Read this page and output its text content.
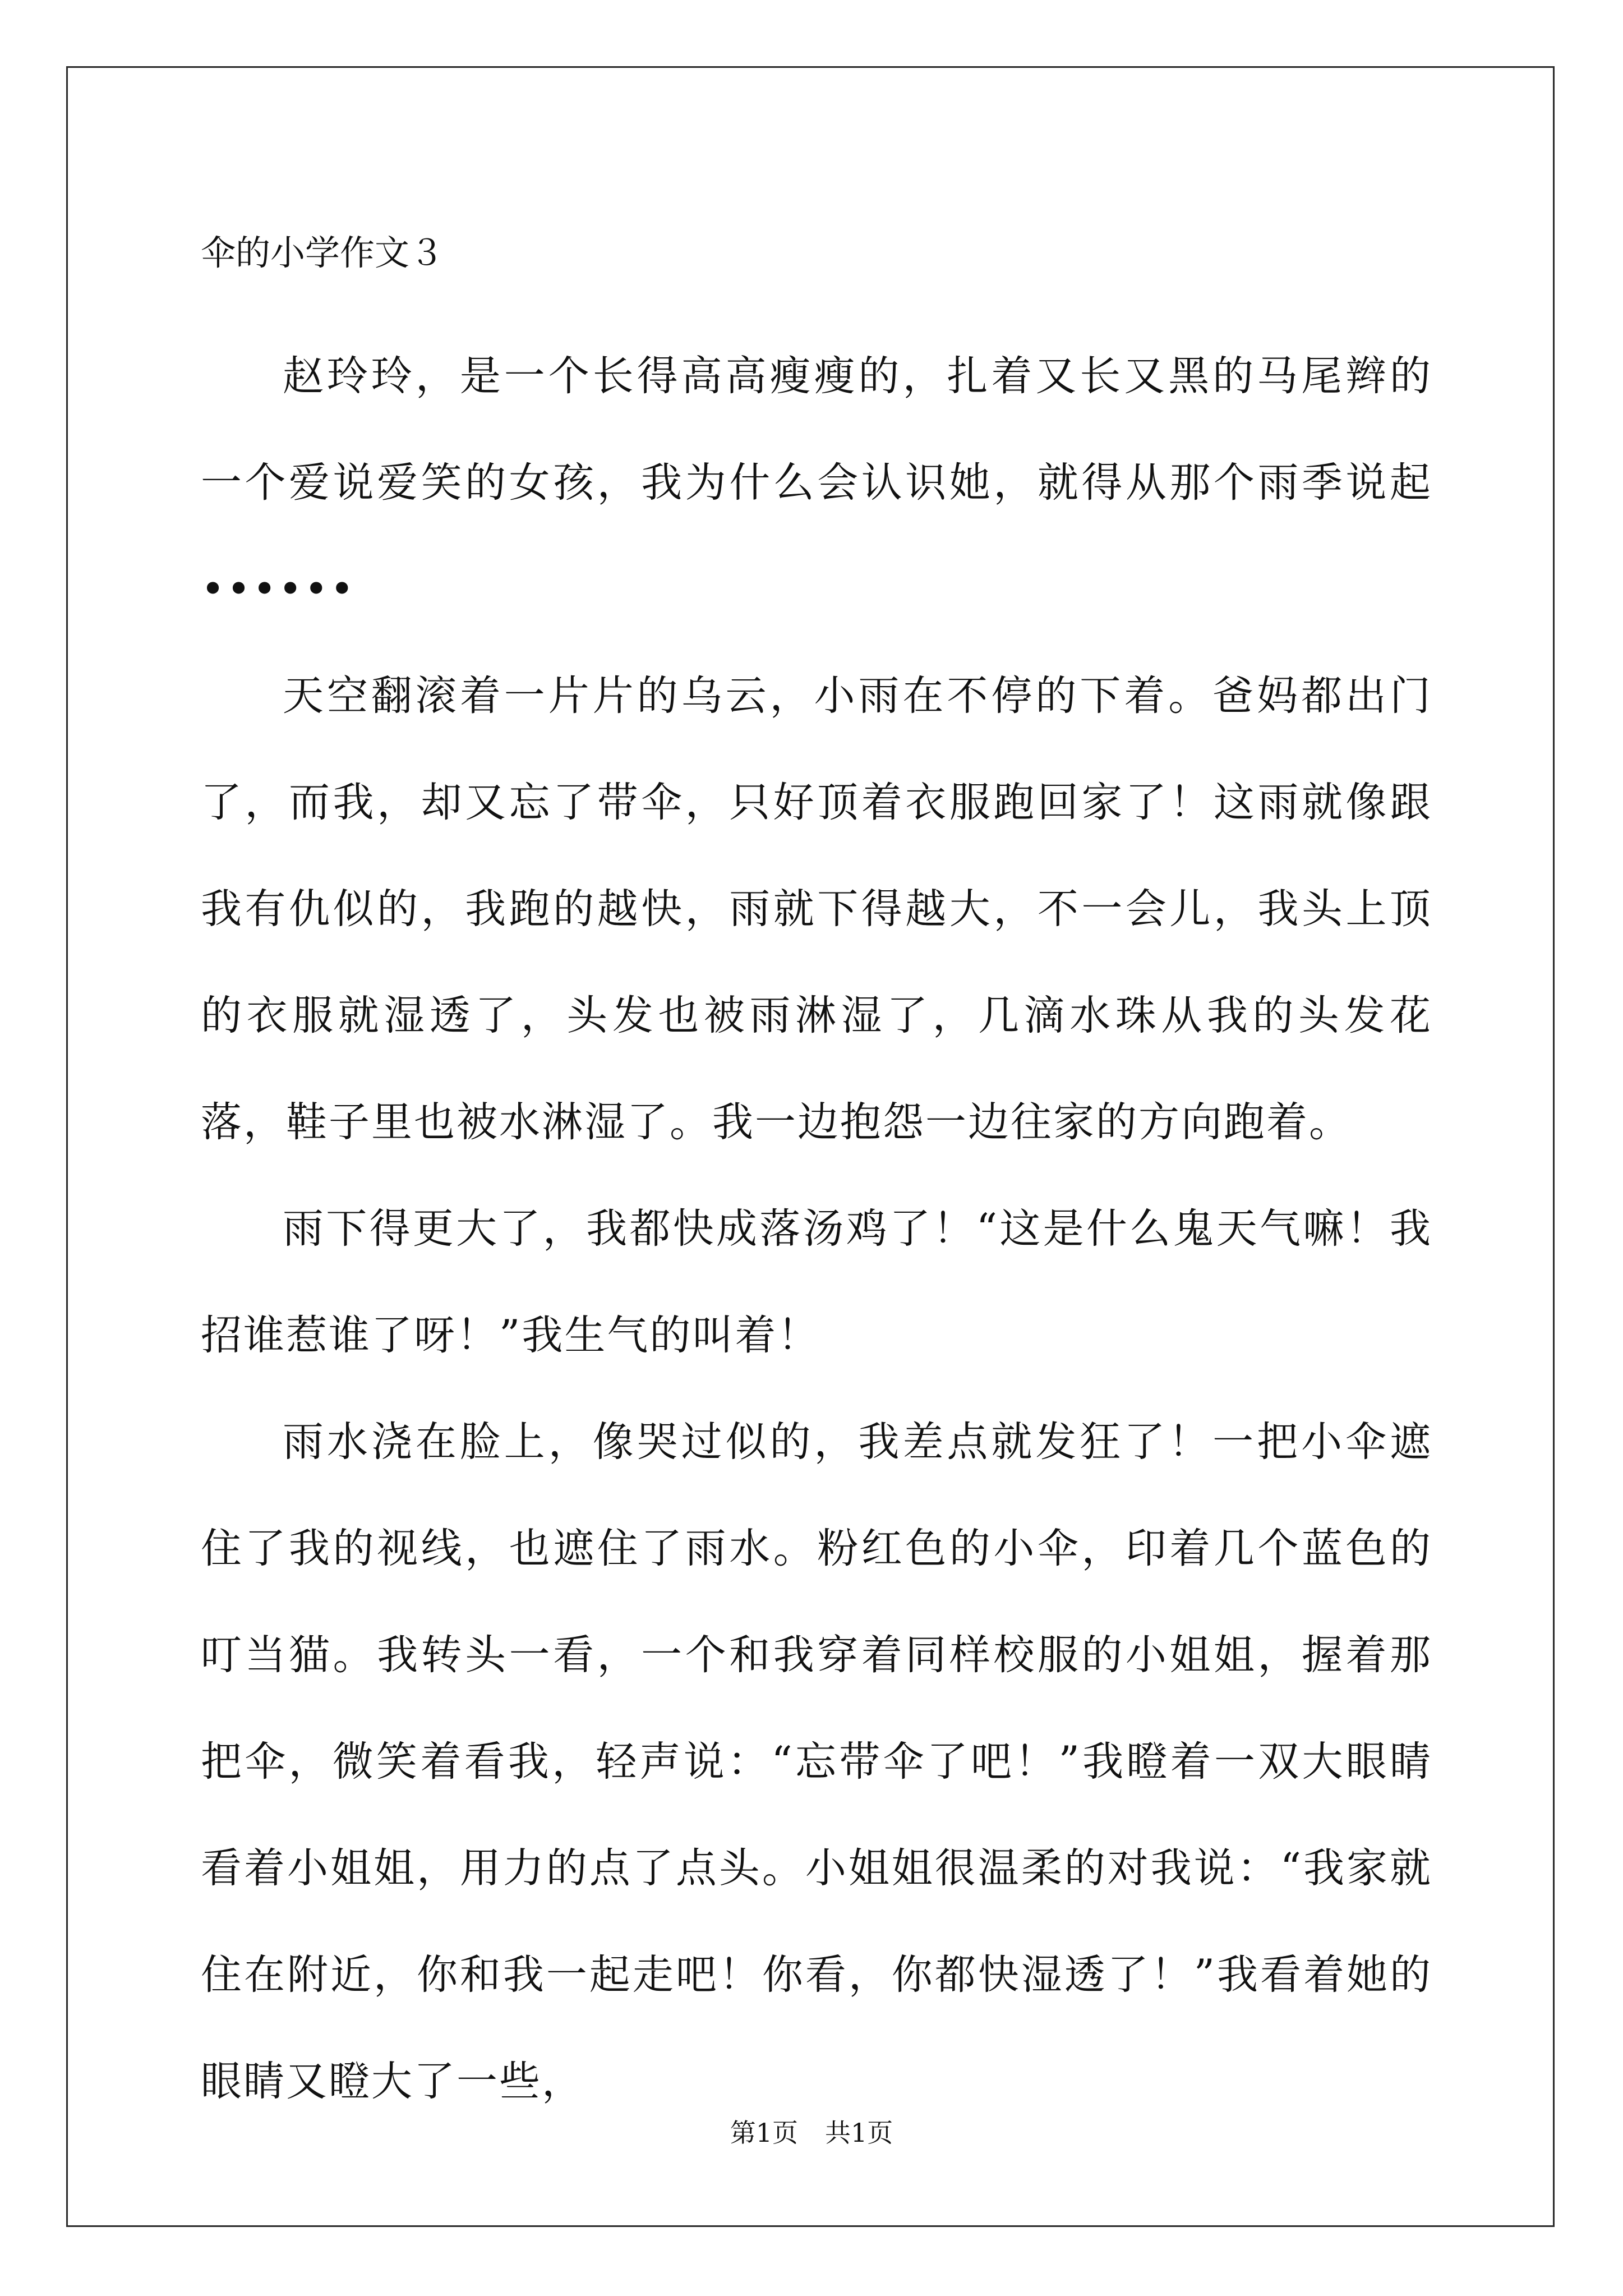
伞的小学作文３

赵玲玲，是一个长得高高瘦瘦的，扎着又长又黑的马尾辫的一个爱说爱笑的女孩，我为什么会认识她，就得从那个雨季说起••••••

天空翻滚着一片片的乌云，小雨在不停的下着。爸妈都出门了，而我，却又忘了带伞，只好顶着衣服跑回家了！这雨就像跟我有仇似的，我跑的越快，雨就下得越大，不一会儿，我头上顶的衣服就湿透了，头发也被雨淋湿了，几滴水珠从我的头发花落，鞋子里也被水淋湿了。我一边抱怨一边往家的方向跑着。

雨下得更大了，我都快成落汤鸡了！“这是什么鬼天气嘛！我招谁惹谁了呀！”我生气的叫着！

雨水浇在脸上，像哭过似的，我差点就发狂了！一把小伞遮住了我的视线，也遮住了雨水。粉红色的小伞，印着几个蓝色的叮当猫。我转头一看，一个和我穿着同样校服的小姐姐，握着那把伞，微笑着看我，轻声说：“忘带伞了吧！”我瞪着一双大眼睛看着小姐姐，用力的点了点头。小姐姐很温柔的对我说：“我家就住在附近，你和我一起走吧！你看，你都快湿透了！”我看着她的眼睛又瞪大了一些，

第1页 共1页
